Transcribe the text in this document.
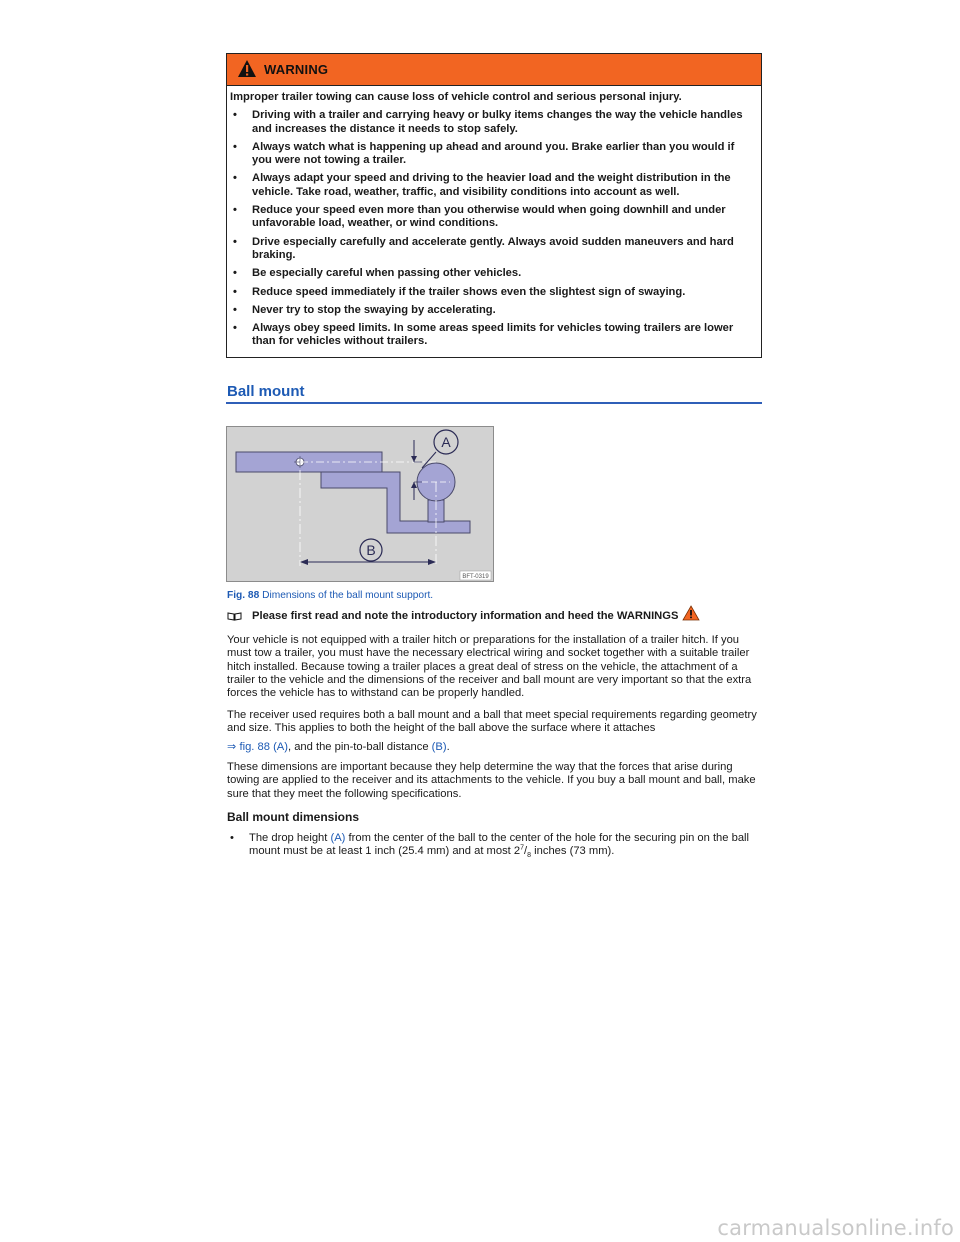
WARNING
Improper trailer towing can cause loss of vehicle control and serious personal injury.
•	Driving with a trailer and carrying heavy or bulky items changes the way the vehicle handles and increases the distance it needs to stop safely.
•	Always watch what is happening up ahead and around you. Brake earlier than you would if you were not towing a trailer.
•	Always adapt your speed and driving to the heavier load and the weight distribution in the vehicle. Take road, weather, traffic, and visibility conditions into account as well.
•	Reduce your speed even more than you otherwise would when going downhill and under unfavorable load, weather, or wind conditions.
•	Drive especially carefully and accelerate gently. Always avoid sudden maneuvers and hard braking.
•	Be especially careful when passing other vehicles.
•	Reduce speed immediately if the trailer shows even the slightest sign of swaying.
•	Never try to stop the swaying by accelerating.
•	Always obey speed limits. In some areas speed limits for vehicles towing trailers are lower than for vehicles without trailers.
Ball mount
A
B
BFT-0319
Fig. 88 Dimensions of the ball mount support.
Please first read and note the introductory information and heed the WARNINGS
Your vehicle is not equipped with a trailer hitch or preparations for the installation of a trailer hitch. If you must tow a trailer, you must have the necessary electrical wiring and socket together with a suitable trailer hitch installed. Because towing a trailer places a great deal of stress on the vehicle, the attachment of a trailer to the vehicle and the dimensions of the receiver and ball mount are very important so that the extra forces the vehicle has to withstand can be properly handled.
The receiver used requires both a ball mount and a ball that meet special requirements regarding geometry and size. This applies to both the height of the ball above the surface where it attaches
⇒ fig. 88 (A), and the pin-to-ball distance (B).
These dimensions are important because they help determine the way that the forces that arise during towing are applied to the receiver and its attachments to the vehicle. If you buy a ball mount and ball, make sure that they meet the following specifications.
Ball mount dimensions
•	The drop height (A) from the center of the ball to the center of the hole for the securing pin on the ball mount must be at least 1 inch (25.4 mm) and at most $2^7/_8$ inches (73 mm).
carmanualsonline.info
